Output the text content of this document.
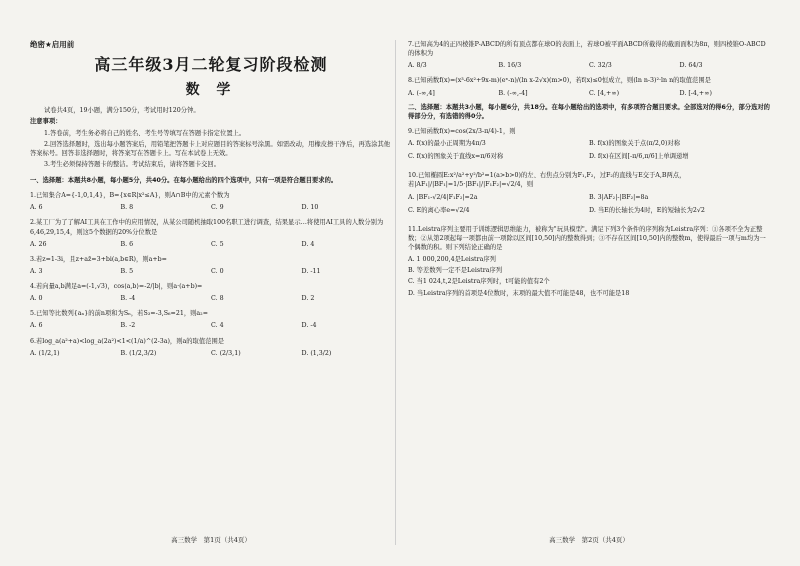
绝密★启用前
高三年级3月二轮复习阶段检测
数 学
试卷共4页，19小题，满分150分，考试用时120分钟。
注意事项：
1.答卷前，考生务必将自己的姓名、考生号等填写在答题卡指定位置上。
2.回答选择题时，选出每小题答案后，用铅笔把答题卡上对应题目的答案标号涂黑。如需改动，用橡皮擦干净后，再选涂其他答案标号。回答非选择题时，将答案写在答题卡上。写在本试卷上无效。
3.考生必须保持答题卡的整洁。考试结束后，请将答题卡交回。
一、选择题：本题共8小题，每小题5分，共40分。在每小题给出的四个选项中，只有一项是符合题目要求的。
1.已知集合A={-1,0,1,4}，B={x∈R|x²≤A}，则A∩B中的元素个数为
A. 6	B. 8	C. 9	D. 10
2.某工厂为了了解AI工具在工作中的应用情况，从某公司随机抽取100名职工进行调查，结果显示…将使用AI工具的人数分别为6,46,29,15,4，则这5个数据的20%分位数是
A. 26	B. 6	C. 5	D. 4
3.若z=1-3i，且z+az̄=3+bi(a,b∈R)，则a+b=
A. 3	B. 5	C. 0	D. -11
4.若向量a,b满足a=(-1,√3)，cos⟨a,b⟩=-2/|b|，则a·(a+b)=
A. 0	B. -4	C. 8	D. 2
5.已知等比数列{aₙ}的前n项和为Sₙ，若S₃=-3,S₆=21，则a₂=
A. 6	B. -2	C. 4	D. -4
6.若log_a(a²+a)<log_a(2a²)<1<(1/a)^(2-3a)，则a的取值范围是
A. (1/2,1)	B. (1/2,3/2)	C. (2/3,1)	D. (1,3/2)
高三数学　第1页（共4页）
7.已知高为4的正四棱锥P-ABCD的所有顶点都在球O的表面上，若球O被平面ABCD所截得的截面面积为8π，则四棱锥O-ABCD的体积为
A. 8/3	B. 16/3	C. 32/3	D. 64/3
8.已知函数f(x)=(x³-6x²+9x-m)(eˣ-n)/(ln x-2√x)(m>0)，若f(x)≤0恒成立，则(ln n-3)²·ln n的取值范围是
A. (-∞,4]	B. (-∞,-4]	C. [4,+∞)	D. [-4,+∞)
二、选择题：本题共3小题，每小题6分，共18分。在每小题给出的选项中，有多项符合题目要求。全部选对的得6分，部分选对的得部分分，有选错的得0分。
9.已知函数f(x)=cos(2x/3-π/4)-1，则
A. f(x)的最小正周期为4π/3	B. f(x)的图象关于点(π/2,0)对称
C. f(x)的图象关于直线x=π/6对称	D. f(x)在区间[-π/6,π/6]上单调递增
10.已知椭圆E:x²/a²+y²/b²=1(a>b>0)的左、右焦点分别为F₁,F₂，过F₂的直线与E交于A,B两点，若|AF₁|/|BF₁|=1/5·|BF₁|/|F₁F₂|=√2/4，则
A. |BF₁-√2/4|F₁F₂|=2a	B. 3|AF₂|-|BF₂|=8a
C. E的离心率e=√2/4	D. 当E的长轴长为4时，E的短轴长为2√2
11.Leistra序列主要用于训练逻辑思维能力，被称为"玩具模型"。满足下列3个条件的序列称为Leistra序列：①各项不全为正整数；②从第2项起每一项都由前一项除以区间[10,50]内的整数得到；③不存在区间[10,50]内的整数m，使得最后一项与m均为一个偶数的积。则下列结论正确的是
A. 1 000,200,4是Leistra序列
B. 等差数列一定不是Leistra序列
C. 当1 024,t,2是Leistra序列时，t可能的值有2个
D. 当Leistra序列的首项是4位数时，末项的最大值不可能是48，也不可能是18
高三数学　第2页（共4页）
